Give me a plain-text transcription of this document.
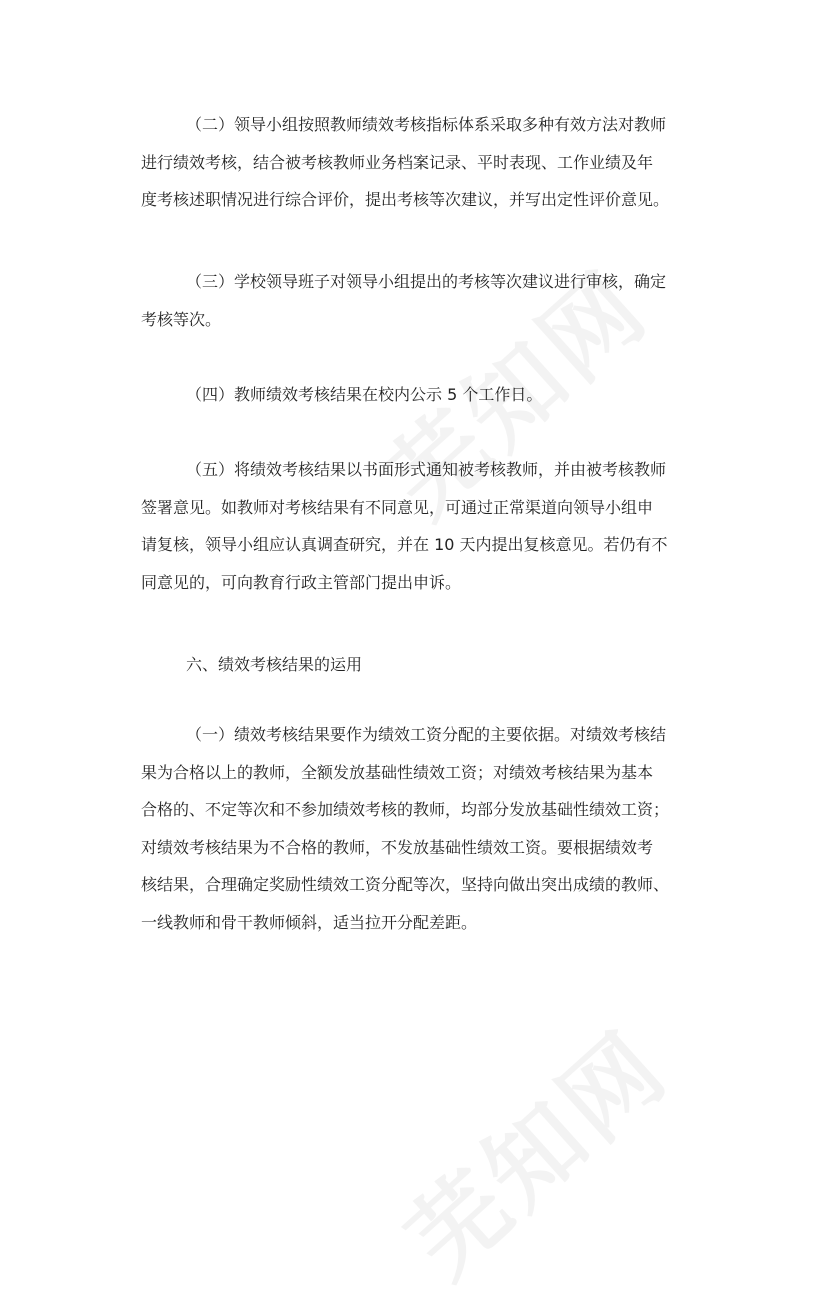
（二）领导小组按照教师绩效考核指标体系采取多种有效方法对教师
进行绩效考核，结合被考核教师业务档案记录、平时表现、工作业绩及年
度考核述职情况进行综合评价，提出考核等次建议，并写出定性评价意见。
（三）学校领导班子对领导小组提出的考核等次建议进行审核，确定
考核等次。
（四）教师绩效考核结果在校内公示 5 个工作日。
（五）将绩效考核结果以书面形式通知被考核教师，并由被考核教师
签署意见。如教师对考核结果有不同意见，可通过正常渠道向领导小组申
请复核，领导小组应认真调查研究，并在 10 天内提出复核意见。若仍有不
同意见的，可向教育行政主管部门提出申诉。
六、绩效考核结果的运用
（一）绩效考核结果要作为绩效工资分配的主要依据。对绩效考核结
果为合格以上的教师，全额发放基础性绩效工资；对绩效考核结果为基本
合格的、不定等次和不参加绩效考核的教师，均部分发放基础性绩效工资；
对绩效考核结果为不合格的教师，不发放基础性绩效工资。要根据绩效考
核结果，合理确定奖励性绩效工资分配等次，坚持向做出突出成绩的教师、
一线教师和骨干教师倾斜，适当拉开分配差距。
